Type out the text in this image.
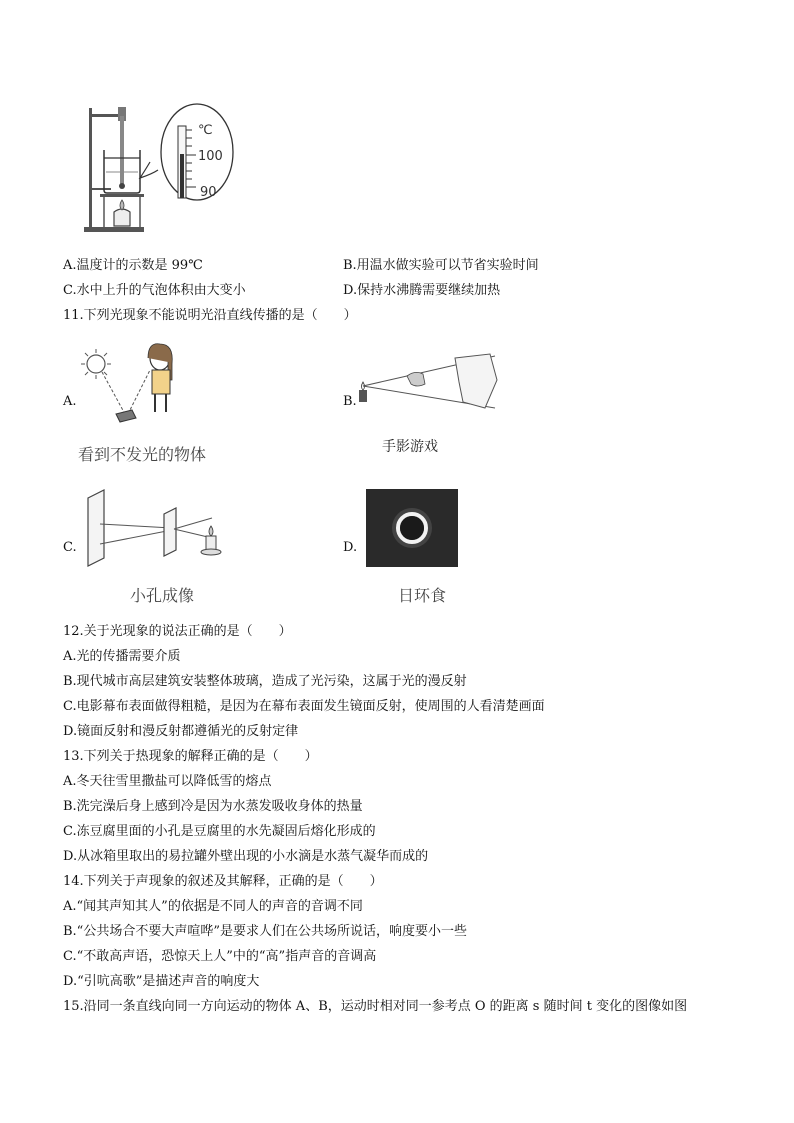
℃
100
90
A.温度计的示数是 99℃	B.用温水做实验可以节省实验时间
C.水中上升的气泡体积由大变小	D.保持水沸腾需要继续加热
11.下列光现象不能说明光沿直线传播的是（　　）
A.
看到不发光的物体
B.
手影游戏
C.
小孔成像
D.
日环食
12.关于光现象的说法正确的是（　　）
A.光的传播需要介质
B.现代城市高层建筑安装整体玻璃，造成了光污染，这属于光的漫反射
C.电影幕布表面做得粗糙，是因为在幕布表面发生镜面反射，使周围的人看清楚画面
D.镜面反射和漫反射都遵循光的反射定律
13.下列关于热现象的解释正确的是（　　）
A.冬天往雪里撒盐可以降低雪的熔点
B.洗完澡后身上感到冷是因为水蒸发吸收身体的热量
C.冻豆腐里面的小孔是豆腐里的水先凝固后熔化形成的
D.从冰箱里取出的易拉罐外壁出现的小水滴是水蒸气凝华而成的
14.下列关于声现象的叙述及其解释，正确的是（　　）
A.“闻其声知其人”的依据是不同人的声音的音调不同
B.“公共场合不要大声喧哗”是要求人们在公共场所说话，响度要小一些
C.“不敢高声语，恐惊天上人”中的“高”指声音的音调高
D.“引吭高歌”是描述声音的响度大
15.沿同一条直线向同一方向运动的物体 A、B，运动时相对同一参考点 O 的距离 s 随时间 t 变化的图像如图
